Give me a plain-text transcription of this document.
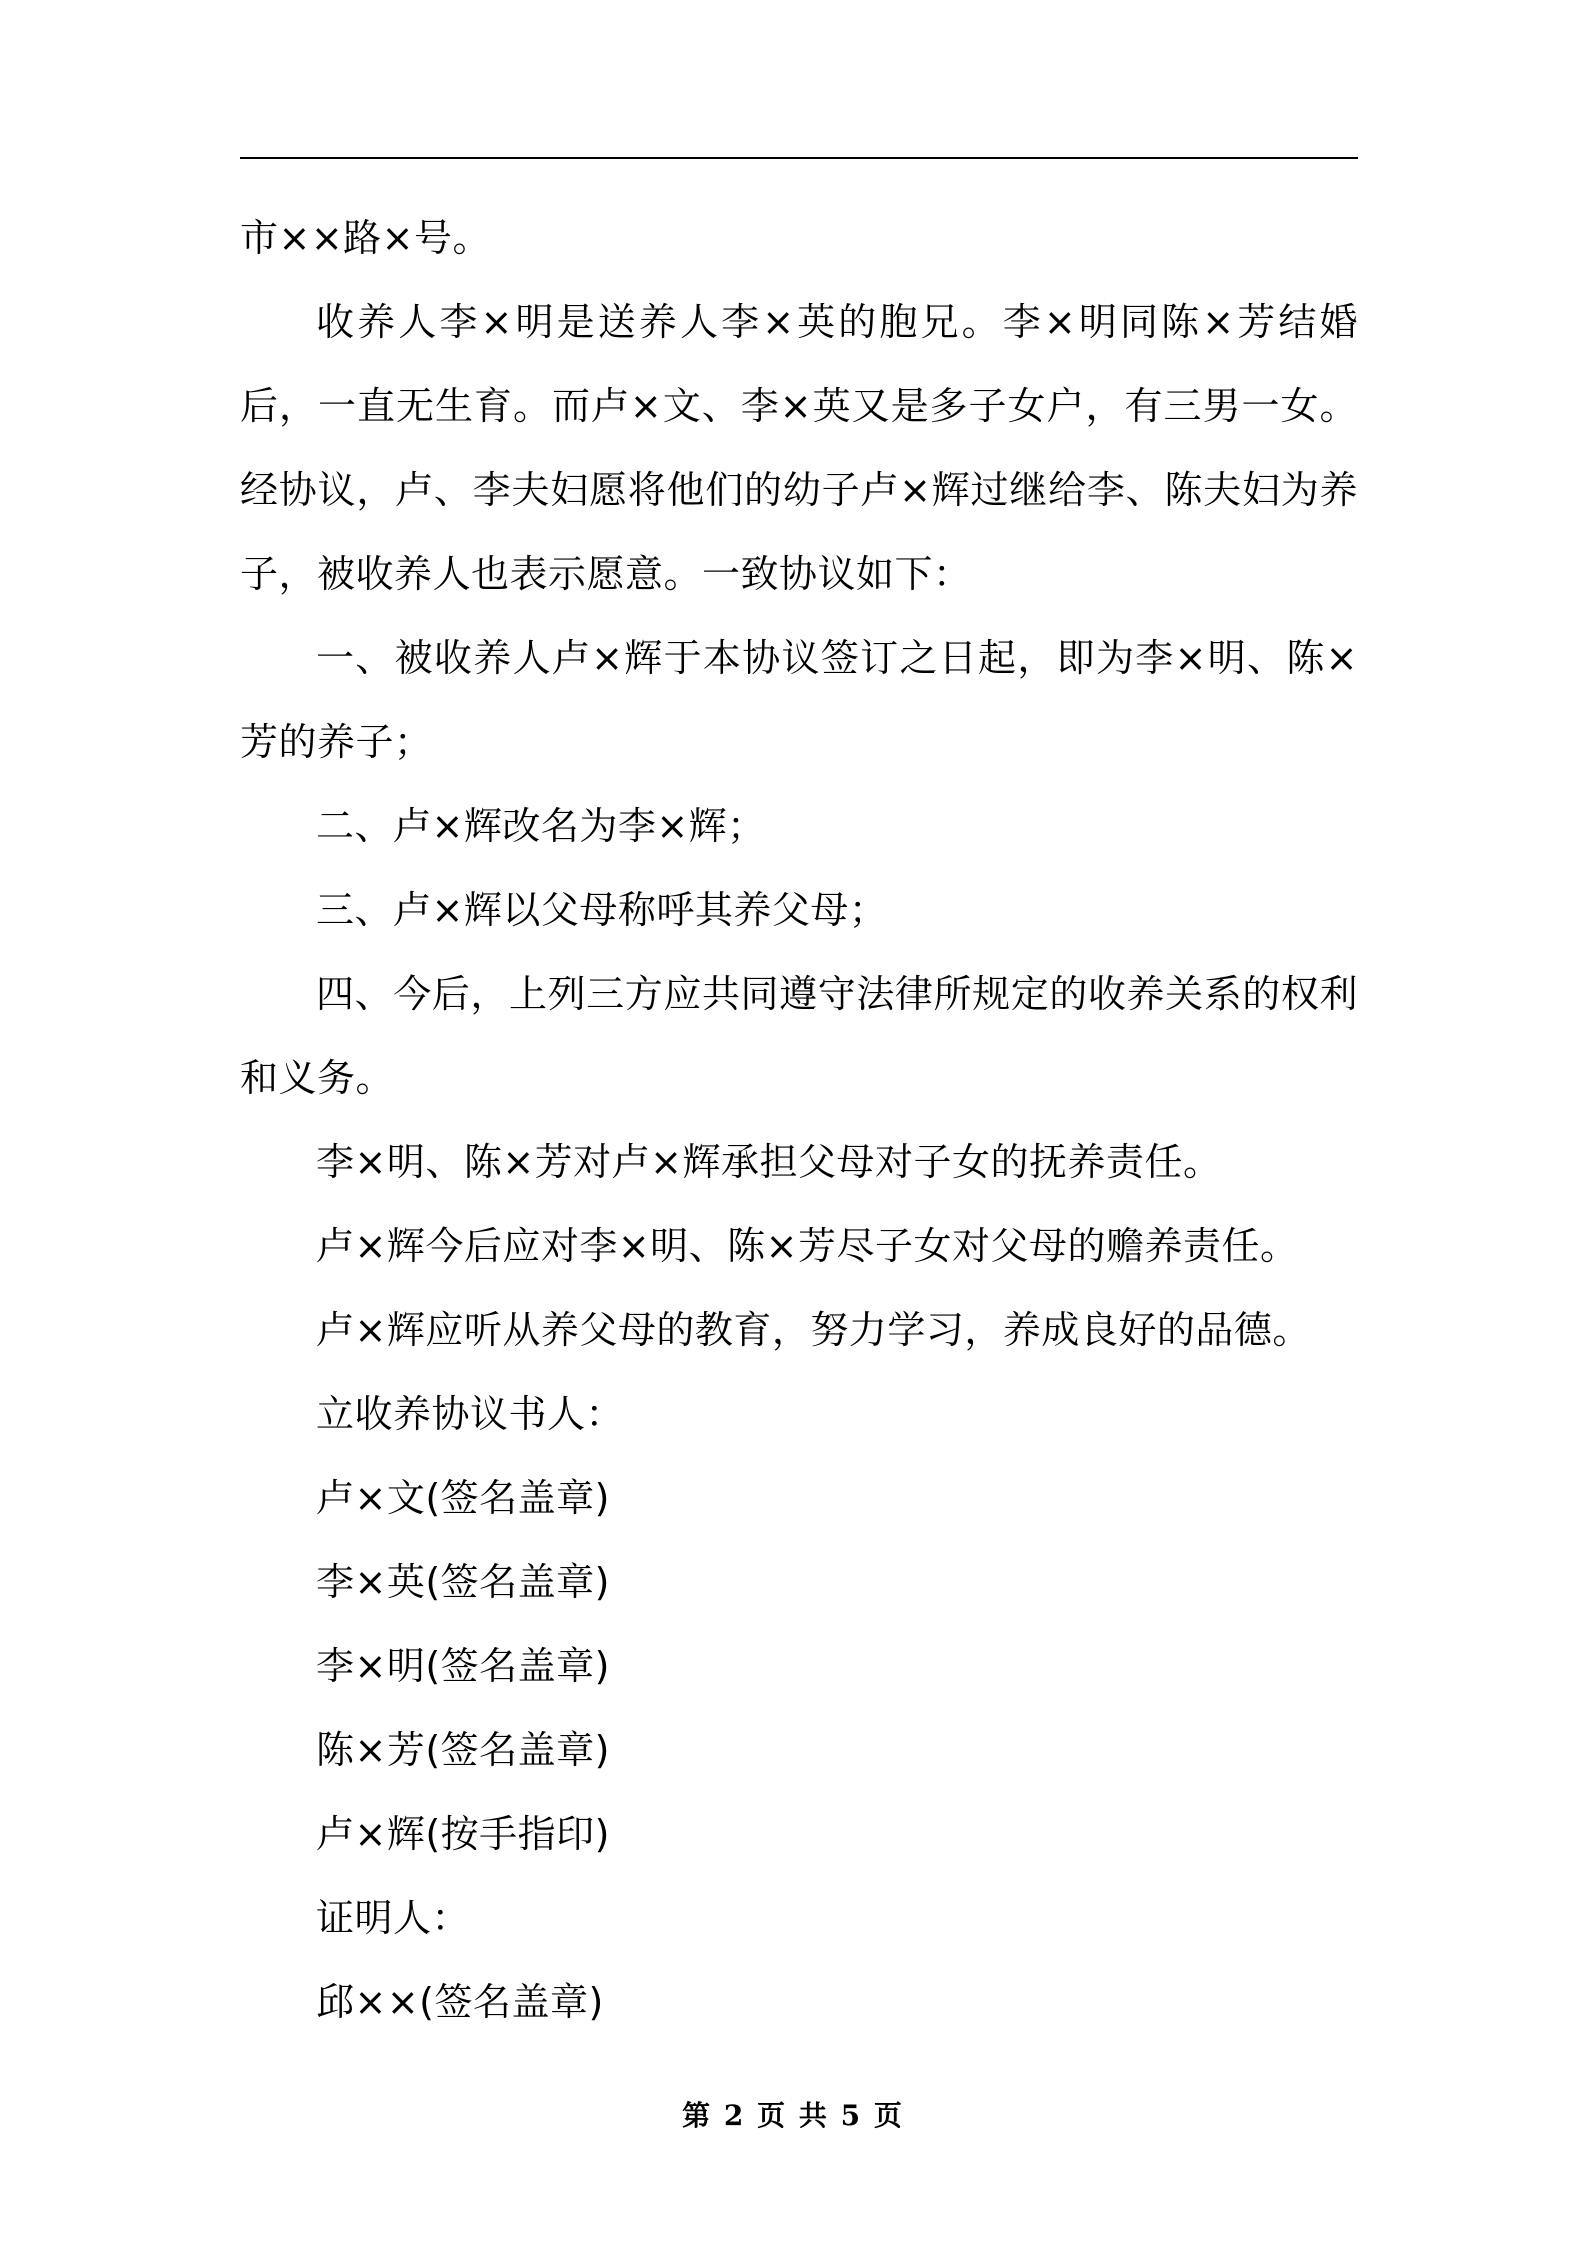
市××路×号。

收养人李×明是送养人李×英的胞兄。李×明同陈×芳结婚后，一直无生育。而卢×文、李×英又是多子女户，有三男一女。经协议，卢、李夫妇愿将他们的幼子卢×辉过继给李、陈夫妇为养子，被收养人也表示愿意。一致协议如下：

一、被收养人卢×辉于本协议签订之日起，即为李×明、陈×芳的养子；

二、卢×辉改名为李×辉；

三、卢×辉以父母称呼其养父母；

四、今后，上列三方应共同遵守法律所规定的收养关系的权利和义务。

李×明、陈×芳对卢×辉承担父母对子女的抚养责任。

卢×辉今后应对李×明、陈×芳尽子女对父母的赡养责任。

卢×辉应听从养父母的教育，努力学习，养成良好的品德。

立收养协议书人：

卢×文(签名盖章)

李×英(签名盖章)

李×明(签名盖章)

陈×芳(签名盖章)

卢×辉(按手指印)

证明人：

邱××(签名盖章)

第 2 页 共 5 页
